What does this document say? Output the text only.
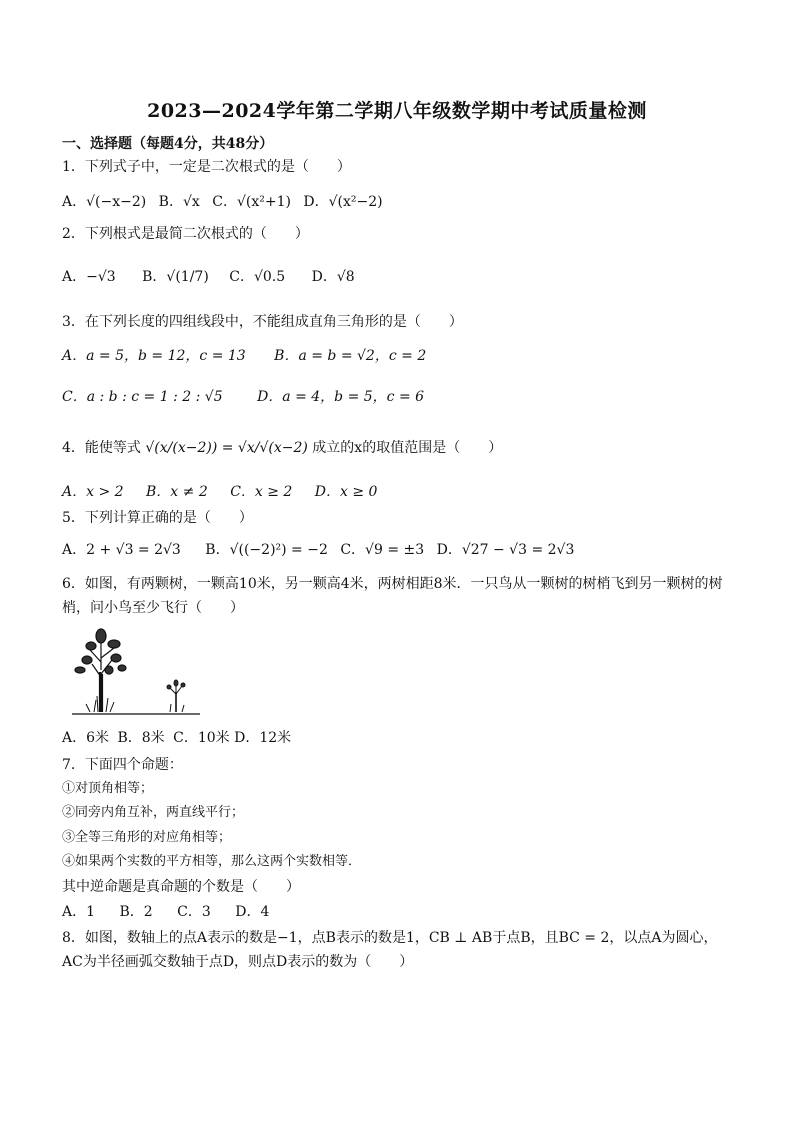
2023—2024学年第二学期八年级数学期中考试质量检测
一、选择题（每题4分，共48分）
1．下列式子中，一定是二次根式的是（　　）
A．√(−x−2) B．√x C．√(x²+1) D．√(x²−2)
2．下列根式是最简二次根式的（　　）
A．−√3 B．√(1/7) C．√0.5 D．√8
3．在下列长度的四组线段中，不能组成直角三角形的是（　　）
A．a = 5，b = 12，c = 13 B．a = b = √2，c = 2
C．a : b : c = 1 : 2 : √5 D．a = 4，b = 5，c = 6
4．能使等式 √(x/(x−2)) = √x/√(x−2) 成立的x的取值范围是（　　）
A．x > 2 B．x ≠ 2 C．x ≥ 2 D．x ≥ 0
5．下列计算正确的是（　　）
A．2 + √3 = 2√3 B．√((−2)²) = −2 C．√9 = ±3 D．√27 − √3 = 2√3
6．如图，有两颗树，一颗高10米，另一颗高4米，两树相距8米．一只鸟从一颗树的树梢飞到另一颗树的树梢，问小鸟至少飞行（　　）
A．6米 B．8米 C．10米 D．12米
7．下面四个命题：
①对顶角相等；
②同旁内角互补，两直线平行；
③全等三角形的对应角相等；
④如果两个实数的平方相等，那么这两个实数相等．
其中逆命题是真命题的个数是（　　）
A．1 B．2 C．3 D．4
8．如图，数轴上的点A表示的数是−1，点B表示的数是1，CB ⊥ AB于点B，且BC = 2，以点A为圆心，AC为半径画弧交数轴于点D，则点D表示的数为（　　）
